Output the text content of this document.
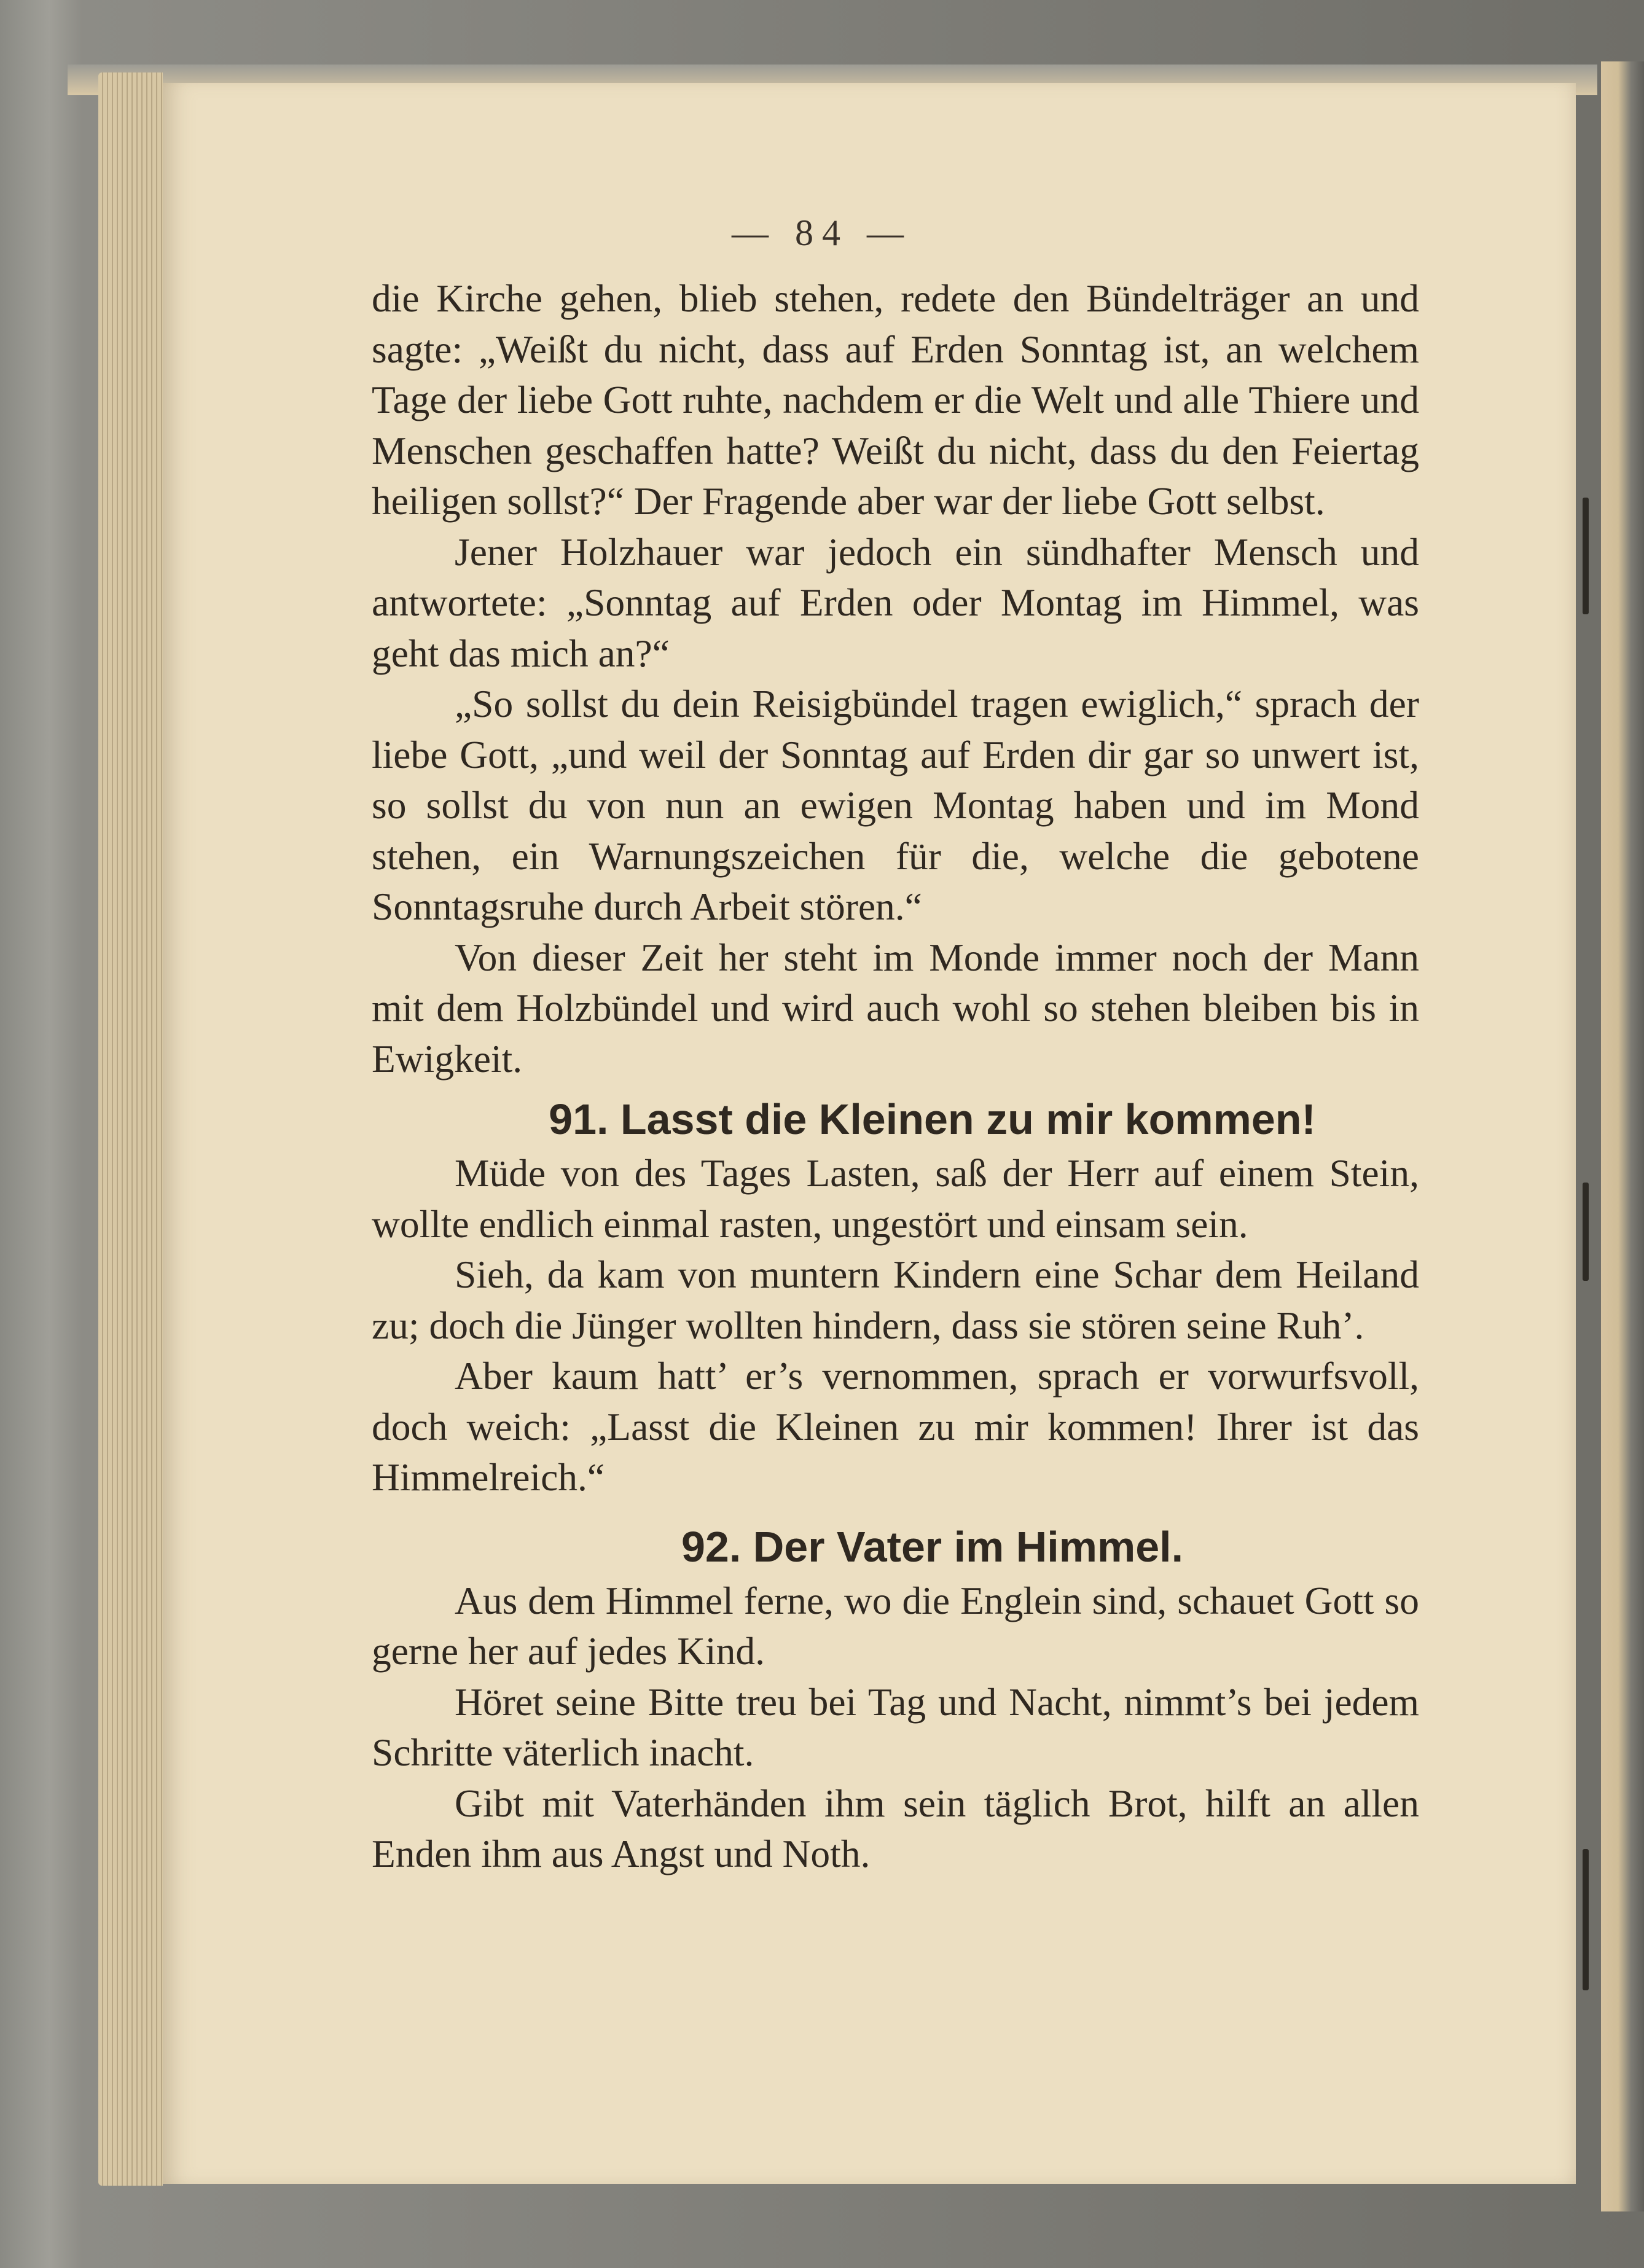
— 84 —

die Kirche gehen, blieb stehen, redete den Bündelträger an und sagte: „Weißt du nicht, dass auf Erden Sonntag ist, an welchem Tage der liebe Gott ruhte, nachdem er die Welt und alle Thiere und Menschen geschaffen hatte? Weißt du nicht, dass du den Feiertag heiligen sollst?“ Der Fragende aber war der liebe Gott selbst.

Jener Holzhauer war jedoch ein sündhafter Mensch und antwortete: „Sonntag auf Erden oder Montag im Himmel, was geht das mich an?“

„So sollst du dein Reisigbündel tragen ewiglich,“ sprach der liebe Gott, „und weil der Sonntag auf Erden dir gar so unwert ist, so sollst du von nun an ewigen Montag haben und im Mond stehen, ein Warnungszeichen für die, welche die gebotene Sonntagsruhe durch Arbeit stören.“

Von dieser Zeit her steht im Monde immer noch der Mann mit dem Holzbündel und wird auch wohl so stehen bleiben bis in Ewigkeit.

91. Lasst die Kleinen zu mir kommen!

Müde von des Tages Lasten, saß der Herr auf einem Stein, wollte endlich einmal rasten, ungestört und einsam sein.

Sieh, da kam von muntern Kindern eine Schar dem Heiland zu; doch die Jünger wollten hindern, dass sie stören seine Ruh’.

Aber kaum hatt’ er’s vernommen, sprach er vorwurfsvoll, doch weich: „Lasst die Kleinen zu mir kommen! Ihrer ist das Himmelreich.“

92. Der Vater im Himmel.

Aus dem Himmel ferne, wo die Englein sind, schauet Gott so gerne her auf jedes Kind.

Höret seine Bitte treu bei Tag und Nacht, nimmt’s bei jedem Schritte väterlich inacht.

Gibt mit Vaterhänden ihm sein täglich Brot, hilft an allen Enden ihm aus Angst und Noth.
